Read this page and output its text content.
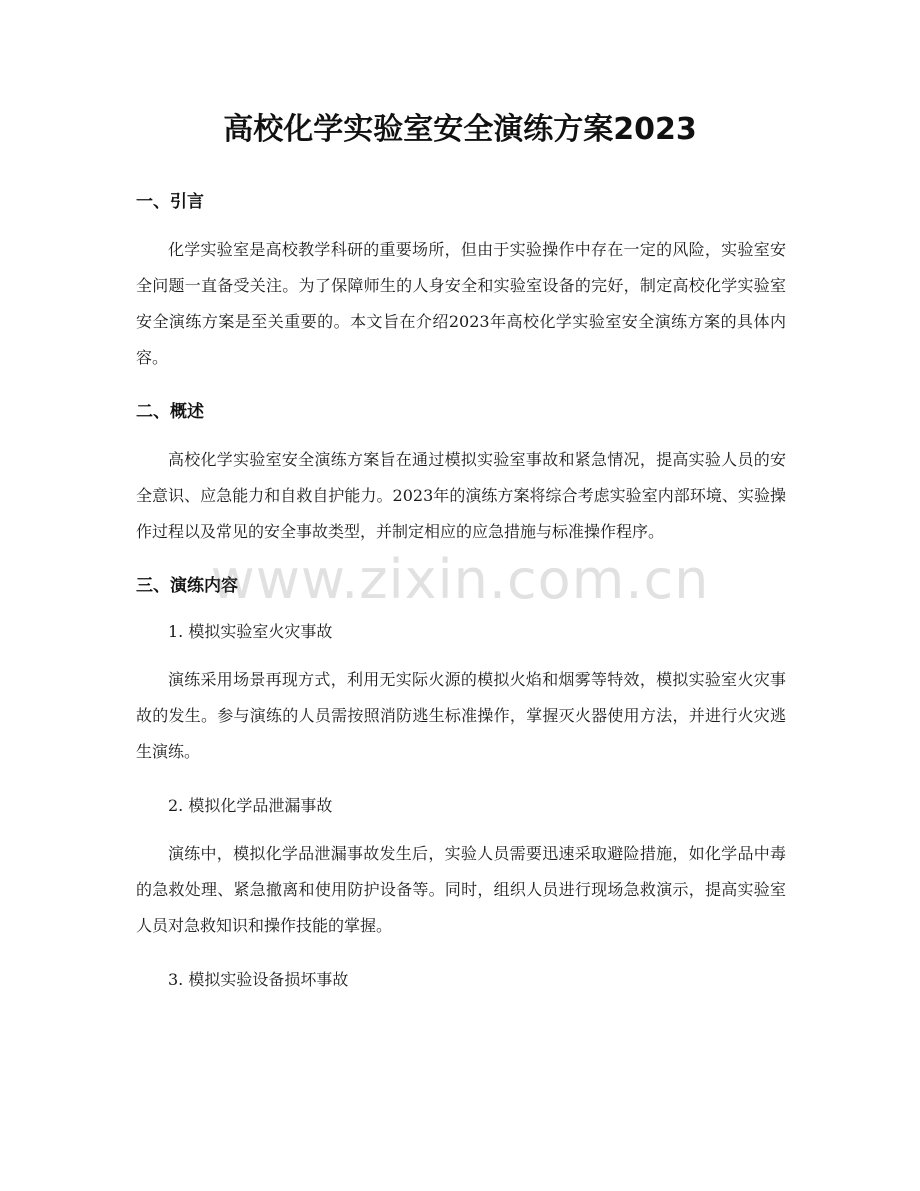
高校化学实验室安全演练方案2023
一、引言
化学实验室是高校教学科研的重要场所，但由于实验操作中存在一定的风险，实验室安全问题一直备受关注。为了保障师生的人身安全和实验室设备的完好，制定高校化学实验室安全演练方案是至关重要的。本文旨在介绍2023年高校化学实验室安全演练方案的具体内容。
二、概述
高校化学实验室安全演练方案旨在通过模拟实验室事故和紧急情况，提高实验人员的安全意识、应急能力和自救自护能力。2023年的演练方案将综合考虑实验室内部环境、实验操作过程以及常见的安全事故类型，并制定相应的应急措施与标准操作程序。
三、演练内容
1. 模拟实验室火灾事故
演练采用场景再现方式，利用无实际火源的模拟火焰和烟雾等特效，模拟实验室火灾事故的发生。参与演练的人员需按照消防逃生标准操作，掌握灭火器使用方法，并进行火灾逃生演练。
2. 模拟化学品泄漏事故
演练中，模拟化学品泄漏事故发生后，实验人员需要迅速采取避险措施，如化学品中毒的急救处理、紧急撤离和使用防护设备等。同时，组织人员进行现场急救演示，提高实验室人员对急救知识和操作技能的掌握。
3. 模拟实验设备损坏事故
www.zixin.com.cn
